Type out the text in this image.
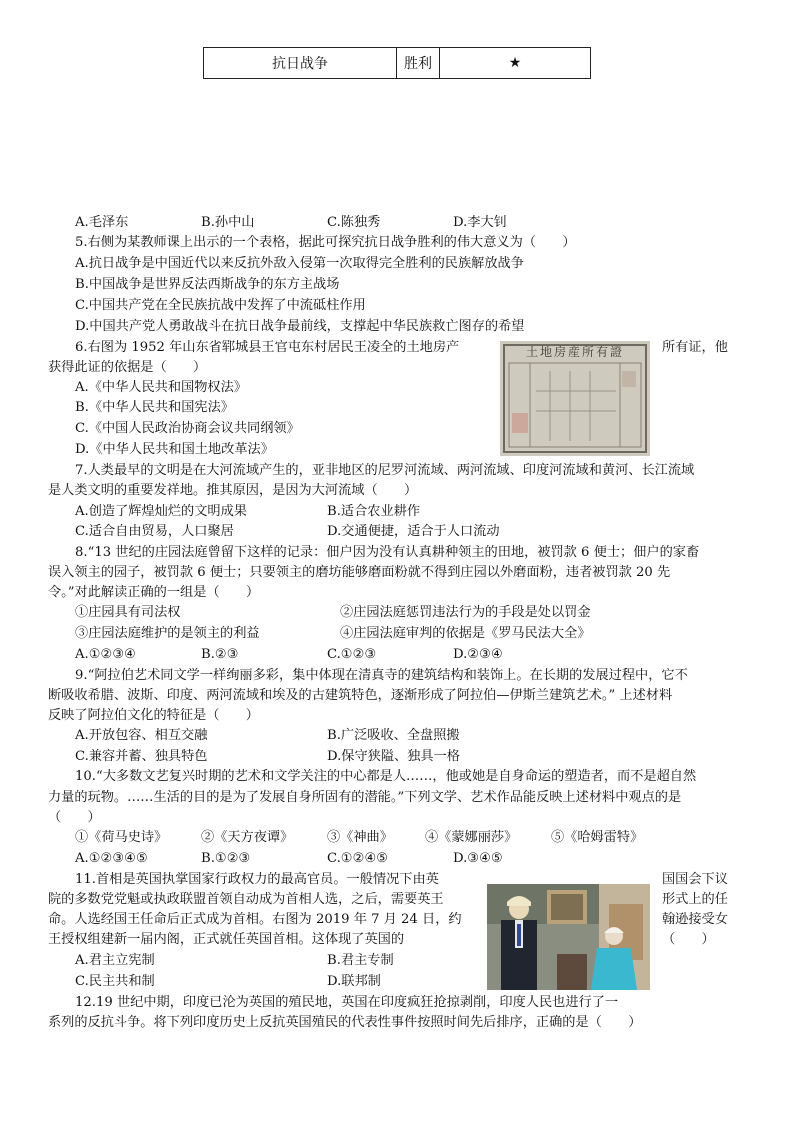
抗日战争	胜利	★
A.毛泽东	B.孙中山	C.陈独秀	D.李大钊
5.右侧为某教师课上出示的一个表格，据此可探究抗日战争胜利的伟大意义为（　　）
A.抗日战争是中国近代以来反抗外敌入侵第一次取得完全胜利的民族解放战争
B.中国战争是世界反法西斯战争的东方主战场
C.中国共产党在全民族抗战中发挥了中流砥柱作用
D.中国共产党人勇敢战斗在抗日战争最前线，支撑起中华民族救亡图存的希望
6.右图为 1952 年山东省郓城县王官屯东村居民王凌全的土地房产	所有证，他
获得此证的依据是（　　）
A.《中华人民共和国物权法》
B.《中华人民共和国宪法》
C.《中国人民政治协商会议共同纲领》
D.《中华人民共和国土地改革法》
土地房産所有證
7.人类最早的文明是在大河流域产生的，亚非地区的尼罗河流域、两河流域、印度河流域和黄河、长江流域
是人类文明的重要发祥地。推其原因，是因为大河流域（　　）
A.创造了辉煌灿烂的文明成果	B.适合农业耕作
C.适合自由贸易，人口聚居	D.交通便捷，适合于人口流动
8.“13 世纪的庄园法庭曾留下这样的记录：佃户因为没有认真耕种领主的田地，被罚款 6 便士；佃户的家畜
误入领主的园子，被罚款 6 便士；只要领主的磨坊能够磨面粉就不得到庄园以外磨面粉，违者被罚款 20 先
令。”对此解读正确的一组是（　　）
①庄园具有司法权	②庄园法庭惩罚违法行为的手段是处以罚金
③庄园法庭维护的是领主的利益	④庄园法庭审判的依据是《罗马民法大全》
A.①②③④	B.②③	C.①②③	D.②③④
9.“阿拉伯艺术同文学一样绚丽多彩，集中体现在清真寺的建筑结构和装饰上。在长期的发展过程中，它不
断吸收希腊、波斯、印度、两河流域和埃及的古建筑特色，逐渐形成了阿拉伯—伊斯兰建筑艺术。” 上述材料
反映了阿拉伯文化的特征是（　　）
A.开放包容、相互交融	B.广泛吸收、全盘照搬
C.兼容并蓄、独具特色	D.保守狭隘、独具一格
10.“大多数文艺复兴时期的艺术和文学关注的中心都是人……，他或她是自身命运的塑造者，而不是超自然
力量的玩物。……生活的目的是为了发展自身所固有的潜能。”下列文学、艺术作品能反映上述材料中观点的是
（　　）
①《荷马史诗》	②《天方夜谭》	③《神曲》 ④《蒙娜丽莎》	⑤《哈姆雷特》
A.①②③④⑤	B.①②③	C.①②④⑤	D.③④⑤
11.首相是英国执掌国家行政权力的最高官员。一般情况下由英	国国会下议
院的多数党党魁或执政联盟首领自动成为首相人选，之后，需要英王	形式上的任
命。人选经国王任命后正式成为首相。右图为 2019 年 7 月 24 日，约	翰逊接受女
王授权组建新一届内阁，正式就任英国首相。这体现了英国的	（　　）
A.君主立宪制	B.君主专制
C.民主共和制	D.联邦制
12.19 世纪中期，印度已沦为英国的殖民地，英国在印度疯狂抢掠剥削，印度人民也进行了一
系列的反抗斗争。将下列印度历史上反抗英国殖民的代表性事件按照时间先后排序，正确的是（　　）
